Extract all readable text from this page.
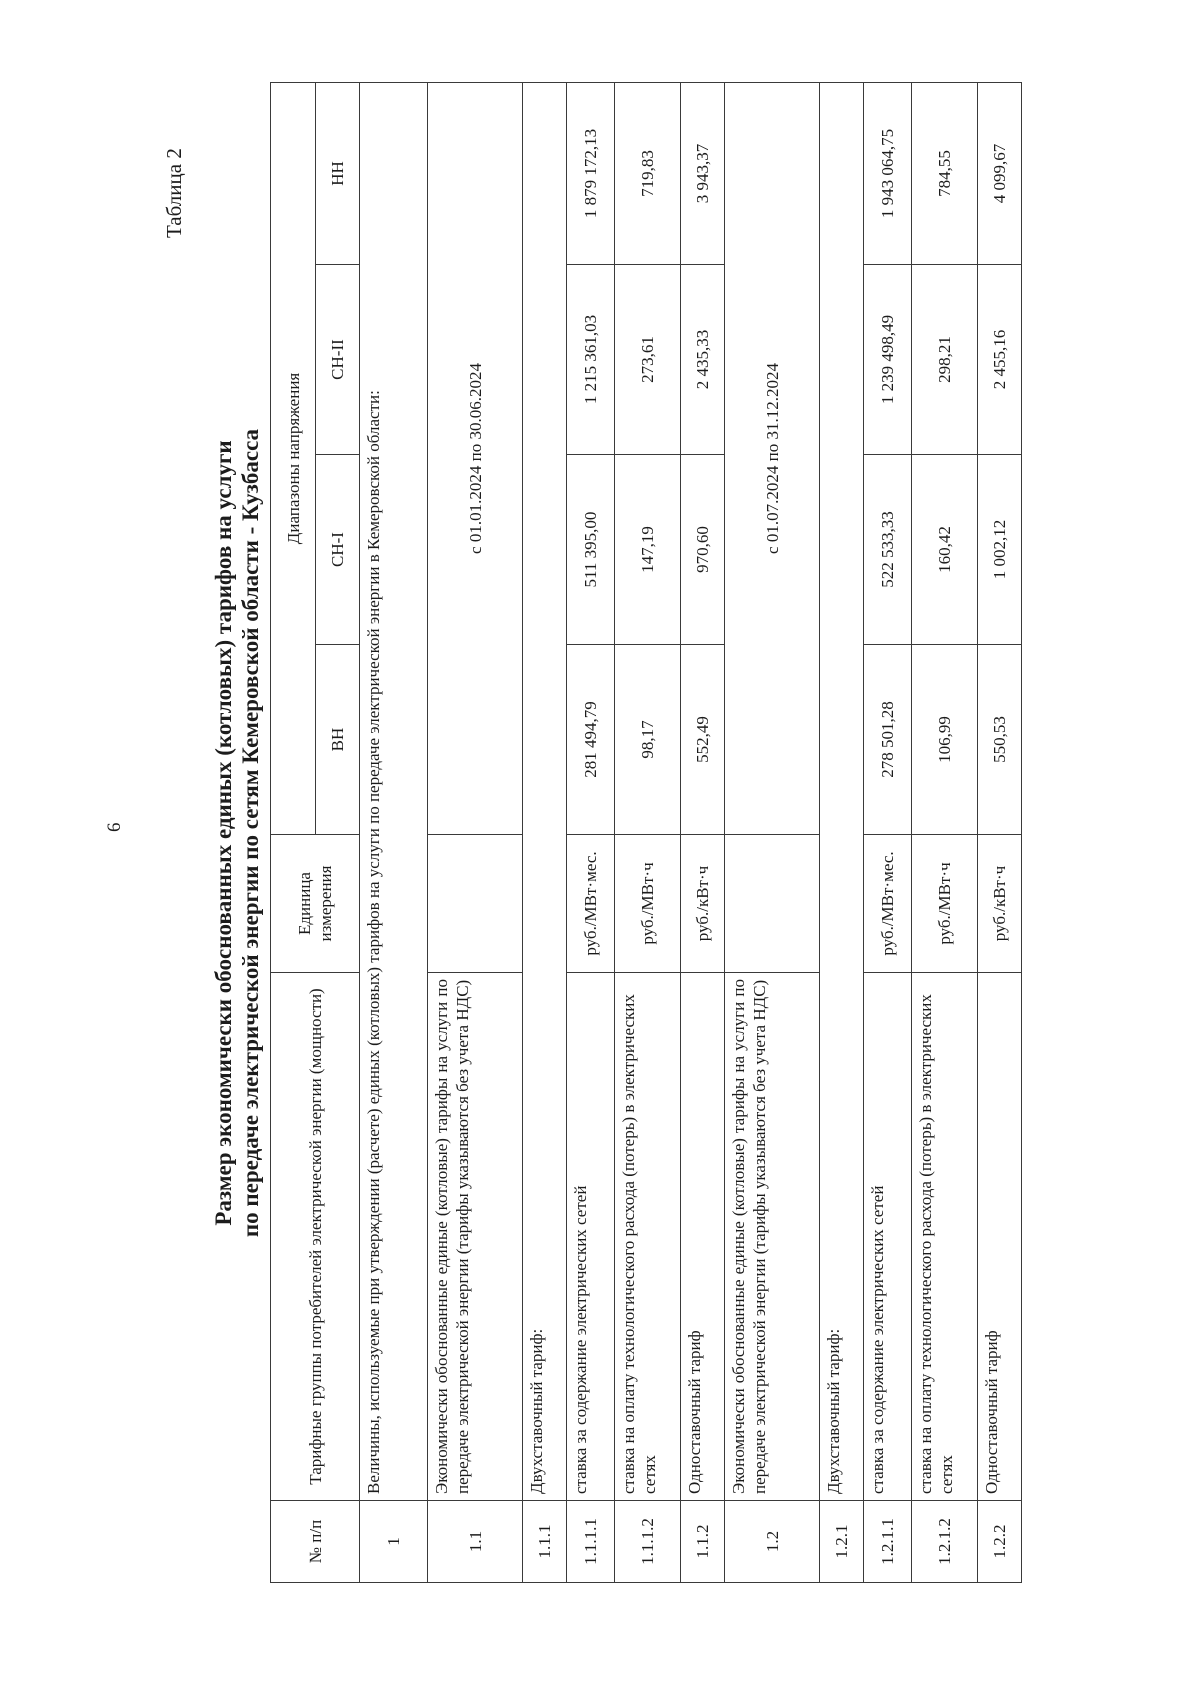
6
Таблица 2
Размер экономически обоснованных единых (котловых) тарифов на услуги по передаче электрической энергии по сетям Кемеровской области - Кузбасса
№ п/п	Тарифные группы потребителей электрической энергии (мощности)	Единица измерения	Диапазоны напряжения			
			ВН	СН-I	СН-II	НН
1	Величины, используемые при утверждении (расчете) единых (котловых) тарифов на услуги по передаче электрической энергии в Кемеровской области:					
1.1	Экономически обоснованные единые (котловые) тарифы на услуги по передаче электрической энергии (тарифы указываются без учета НДС)		с 01.01.2024 по 30.06.2024			
1.1.1	Двухставочный тариф:					
1.1.1.1	ставка за содержание электрических сетей	руб./МВт·мес.	281 494,79	511 395,00	1 215 361,03	1 879 172,13
1.1.1.2	ставка на оплату технологического расхода (потерь) в электрических сетях	руб./МВт·ч	98,17	147,19	273,61	719,83
1.1.2	Одноставочный тариф	руб./кВт·ч	552,49	970,60	2 435,33	3 943,37
1.2	Экономически обоснованные единые (котловые) тарифы на услуги по передаче электрической энергии (тарифы указываются без учета НДС)		с 01.07.2024 по 31.12.2024			
1.2.1	Двухставочный тариф:					
1.2.1.1	ставка за содержание электрических сетей	руб./МВт·мес.	278 501,28	522 533,33	1 239 498,49	1 943 064,75
1.2.1.2	ставка на оплату технологического расхода (потерь) в электрических сетях	руб./МВт·ч	106,99	160,42	298,21	784,55
1.2.2	Одноставочный тариф	руб./кВт·ч	550,53	1 002,12	2 455,16	4 099,67
